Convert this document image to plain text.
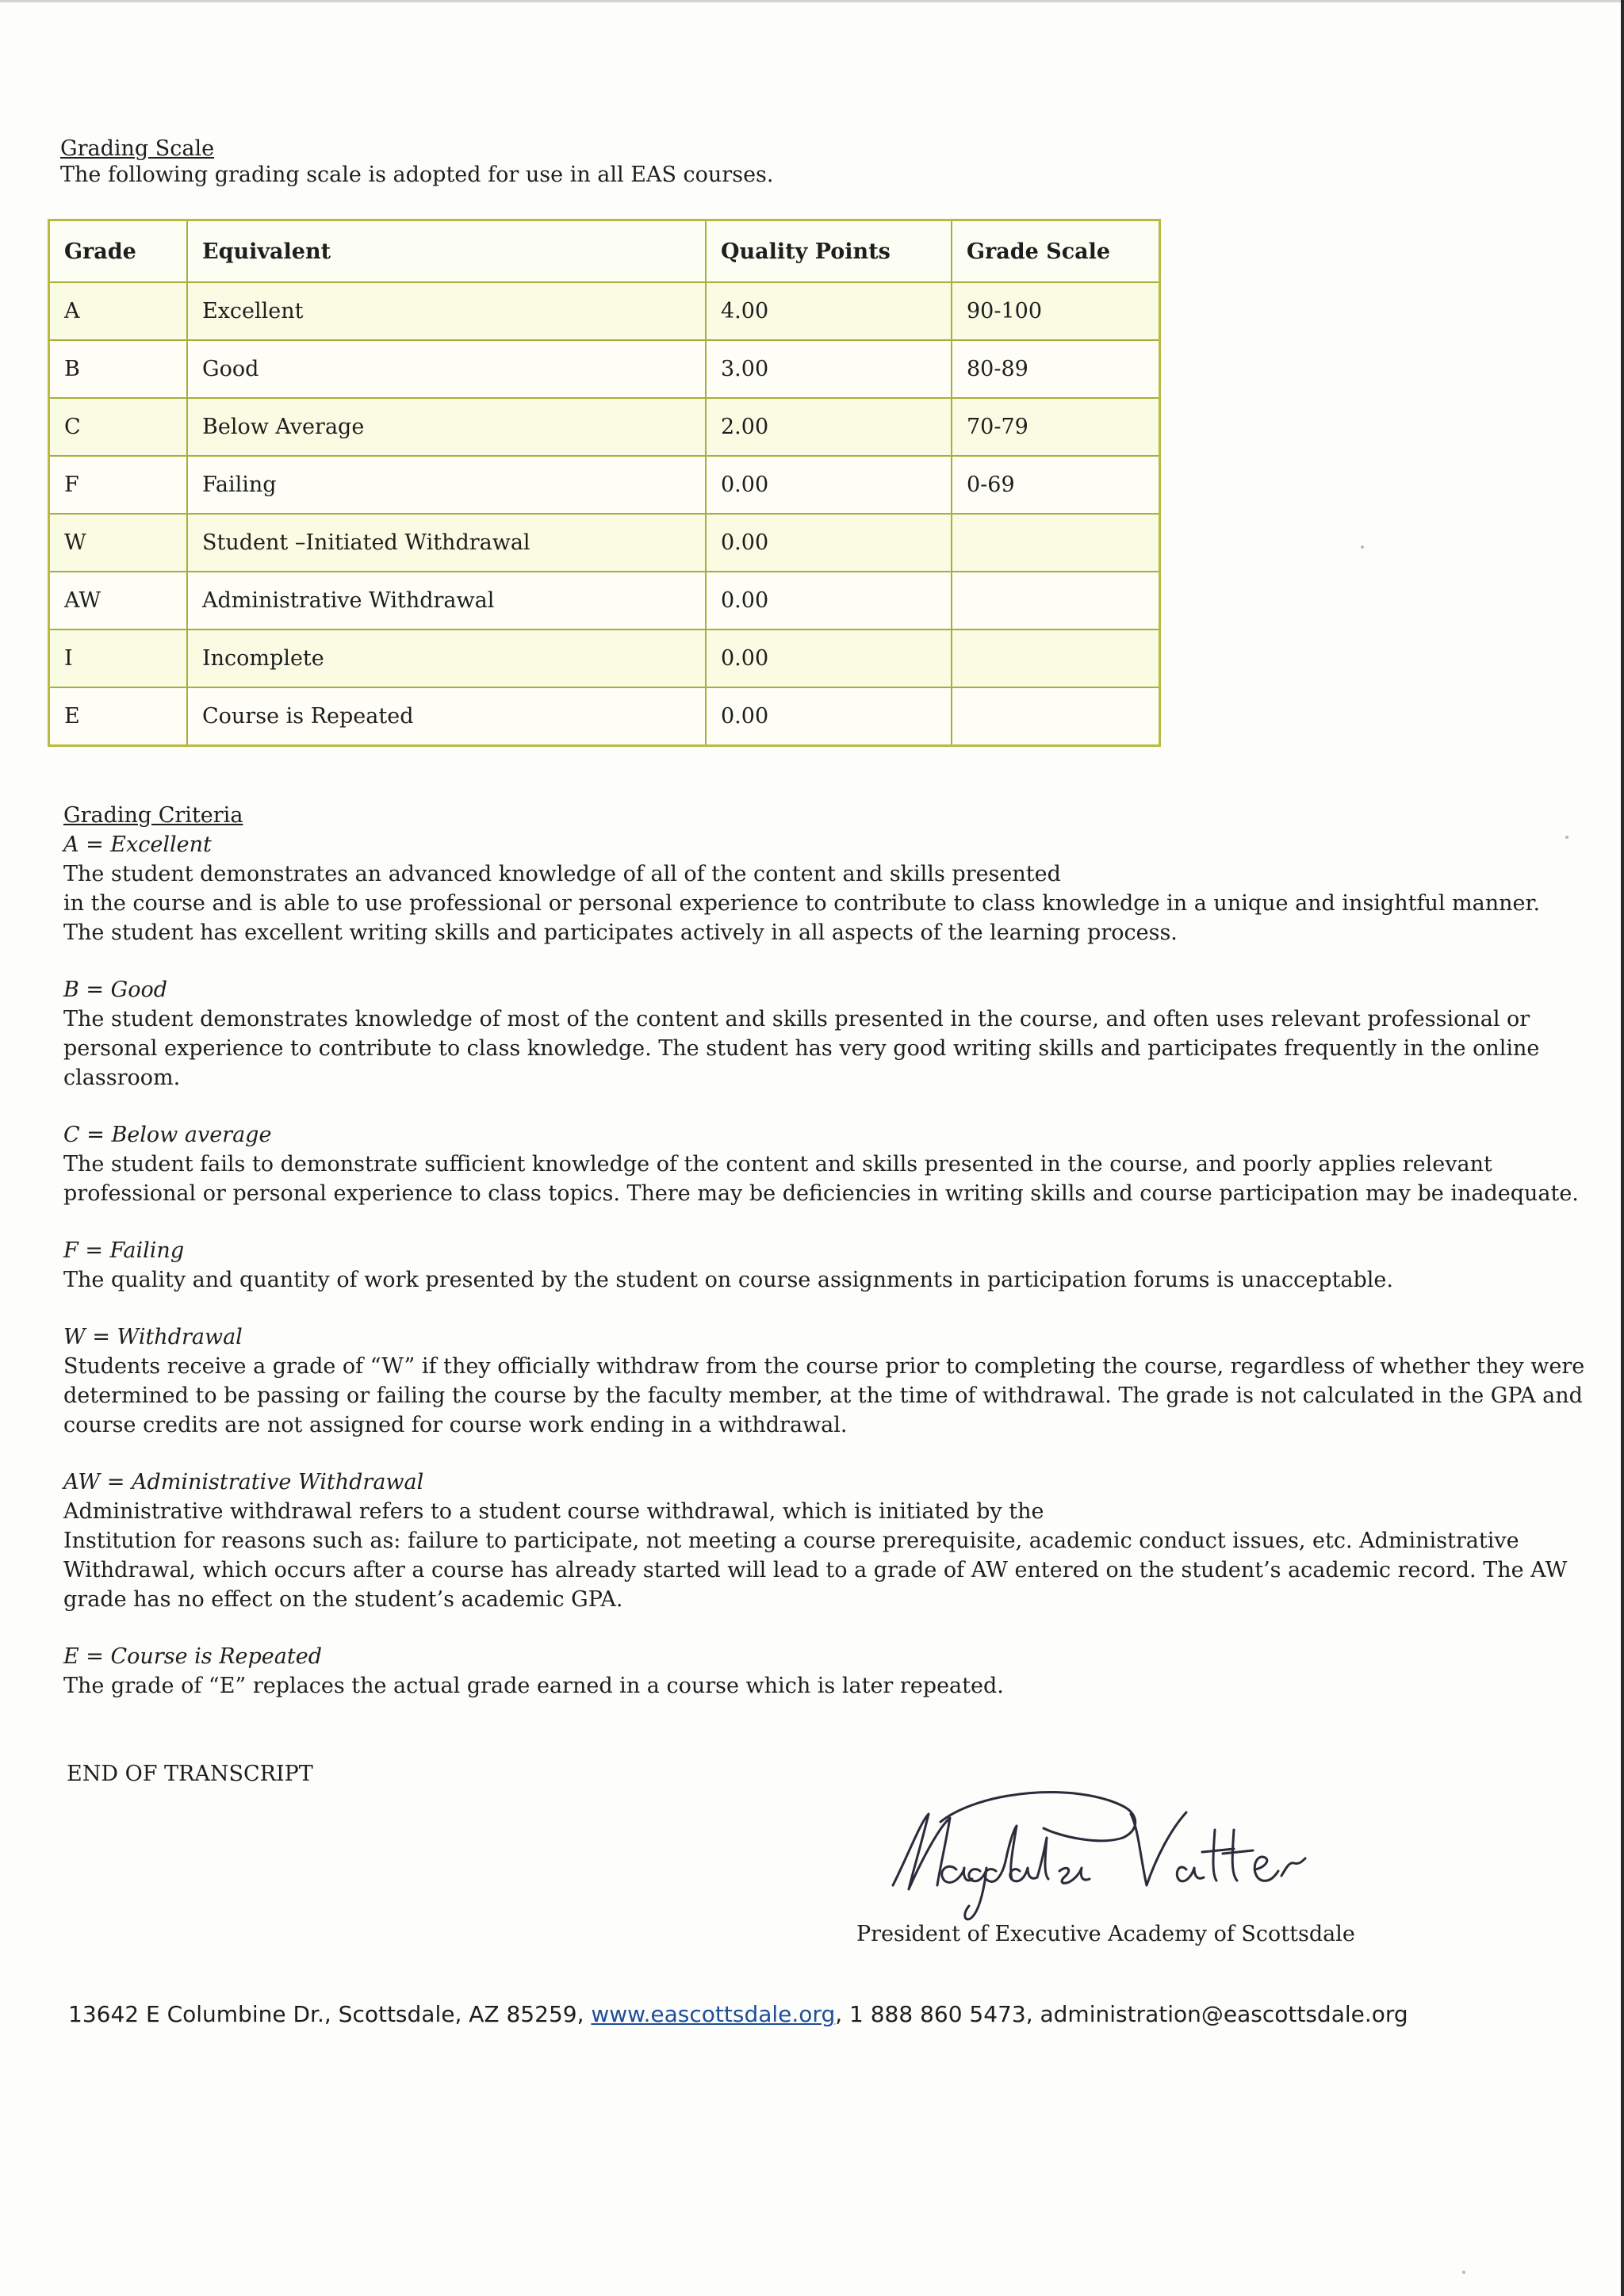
Grading Scale
The following grading scale is adopted for use in all EAS courses.
Grade	Equivalent	Quality Points	Grade Scale
A	Excellent	4.00	90-100
B	Good	3.00	80-89
C	Below Average	2.00	70-79
F	Failing	0.00	0-69
W	Student –Initiated Withdrawal	0.00	
AW	Administrative Withdrawal	0.00	
I	Incomplete	0.00	
E	Course is Repeated	0.00	
Grading Criteria
A = Excellent
The student demonstrates an advanced knowledge of all of the content and skills presented
in the course and is able to use professional or personal experience to contribute to class knowledge in a unique and insightful manner.
The student has excellent writing skills and participates actively in all aspects of the learning process.
B = Good
The student demonstrates knowledge of most of the content and skills presented in the course, and often uses relevant professional or
personal experience to contribute to class knowledge. The student has very good writing skills and participates frequently in the online
classroom.
C = Below average
The student fails to demonstrate sufficient knowledge of the content and skills presented in the course, and poorly applies relevant
professional or personal experience to class topics. There may be deficiencies in writing skills and course participation may be inadequate.
F = Failing
The quality and quantity of work presented by the student on course assignments in participation forums is unacceptable.
W = Withdrawal
Students receive a grade of “W” if they officially withdraw from the course prior to completing the course, regardless of whether they were
determined to be passing or failing the course by the faculty member, at the time of withdrawal. The grade is not calculated in the GPA and
course credits are not assigned for course work ending in a withdrawal.
AW = Administrative Withdrawal
Administrative withdrawal refers to a student course withdrawal, which is initiated by the
Institution for reasons such as: failure to participate, not meeting a course prerequisite, academic conduct issues, etc. Administrative
Withdrawal, which occurs after a course has already started will lead to a grade of AW entered on the student’s academic record. The AW
grade has no effect on the student’s academic GPA.
E = Course is Repeated
The grade of “E” replaces the actual grade earned in a course which is later repeated.
END OF TRANSCRIPT
President of Executive Academy of Scottsdale
13642 E Columbine Dr., Scottsdale, AZ 85259, www.eascottsdale.org, 1 888 860 5473, administration@eascottsdale.org
